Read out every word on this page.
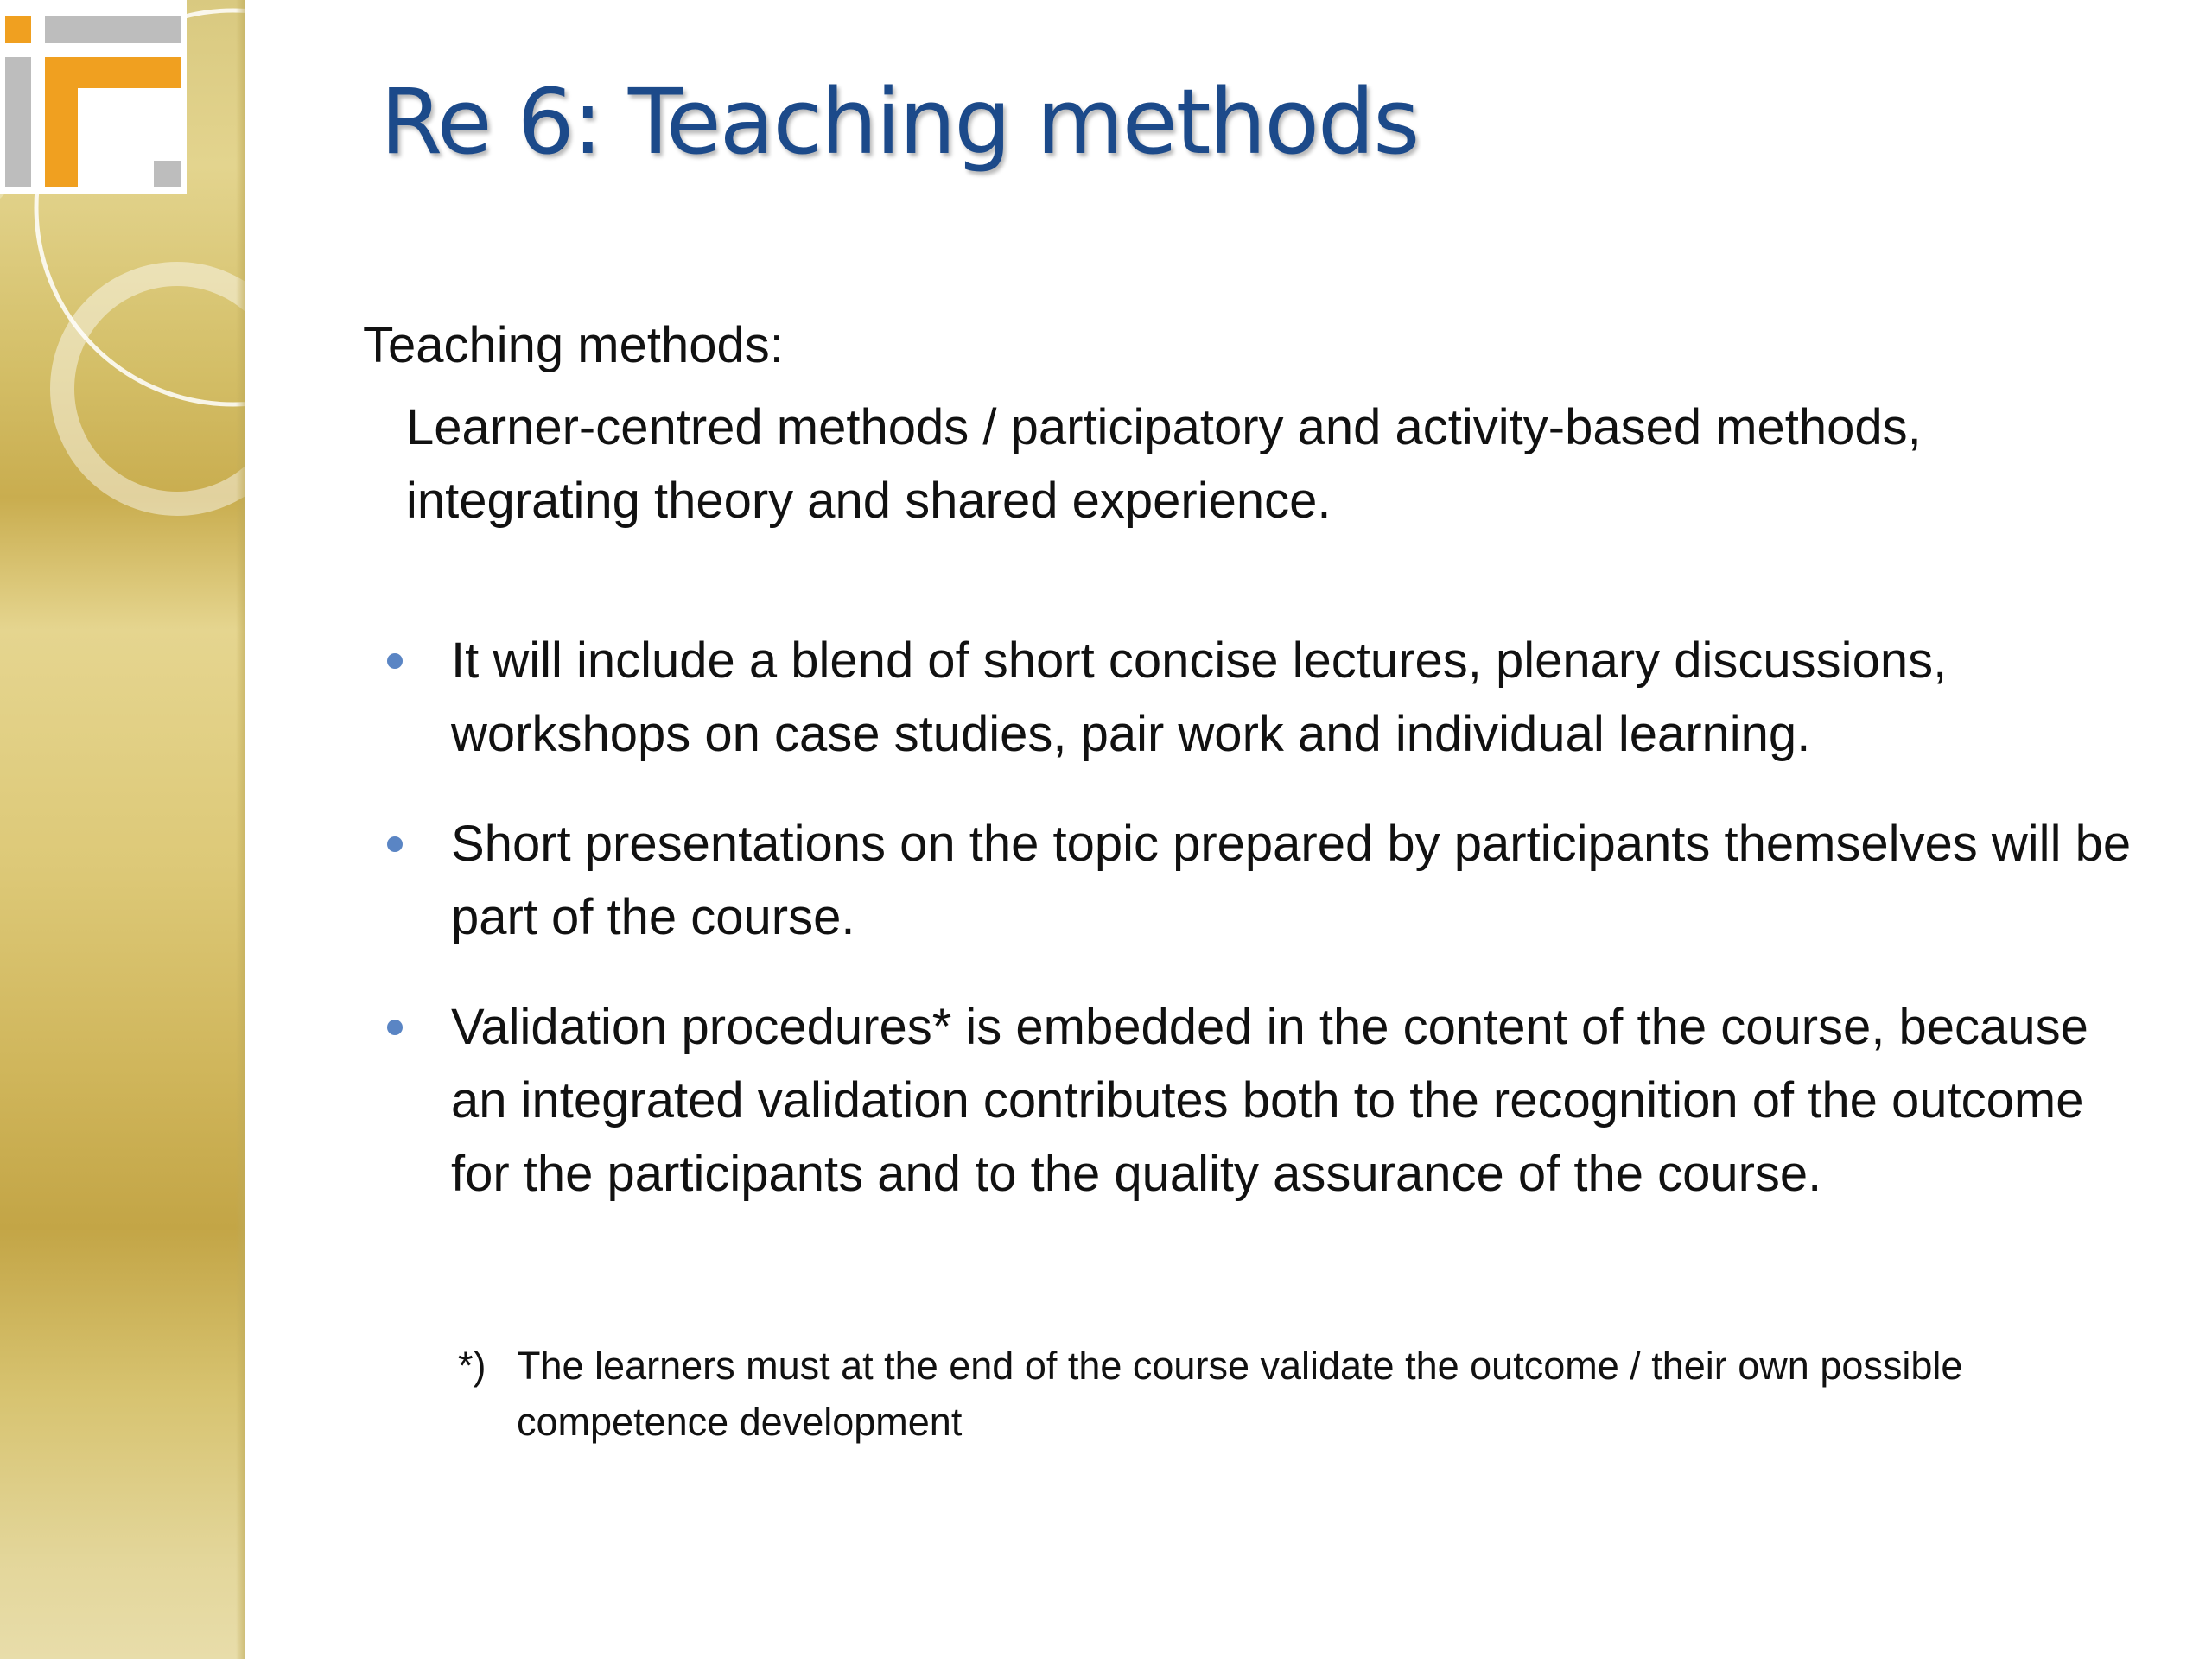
Re 6: Teaching methods
Teaching methods:
Learner-centred methods / participatory and activity-based methods, integrating theory and shared experience.
It will include a blend of short concise lectures, plenary discussions, workshops on case studies, pair work and individual learning.
Short presentations on the topic prepared by participants themselves will be part of the course.
Validation procedures* is embedded in the content of the course, because an integrated validation contributes both to the recognition of the outcome for the participants and to the quality assurance of the course.
*) The learners must at the end of the course validate the outcome / their own possible competence development
